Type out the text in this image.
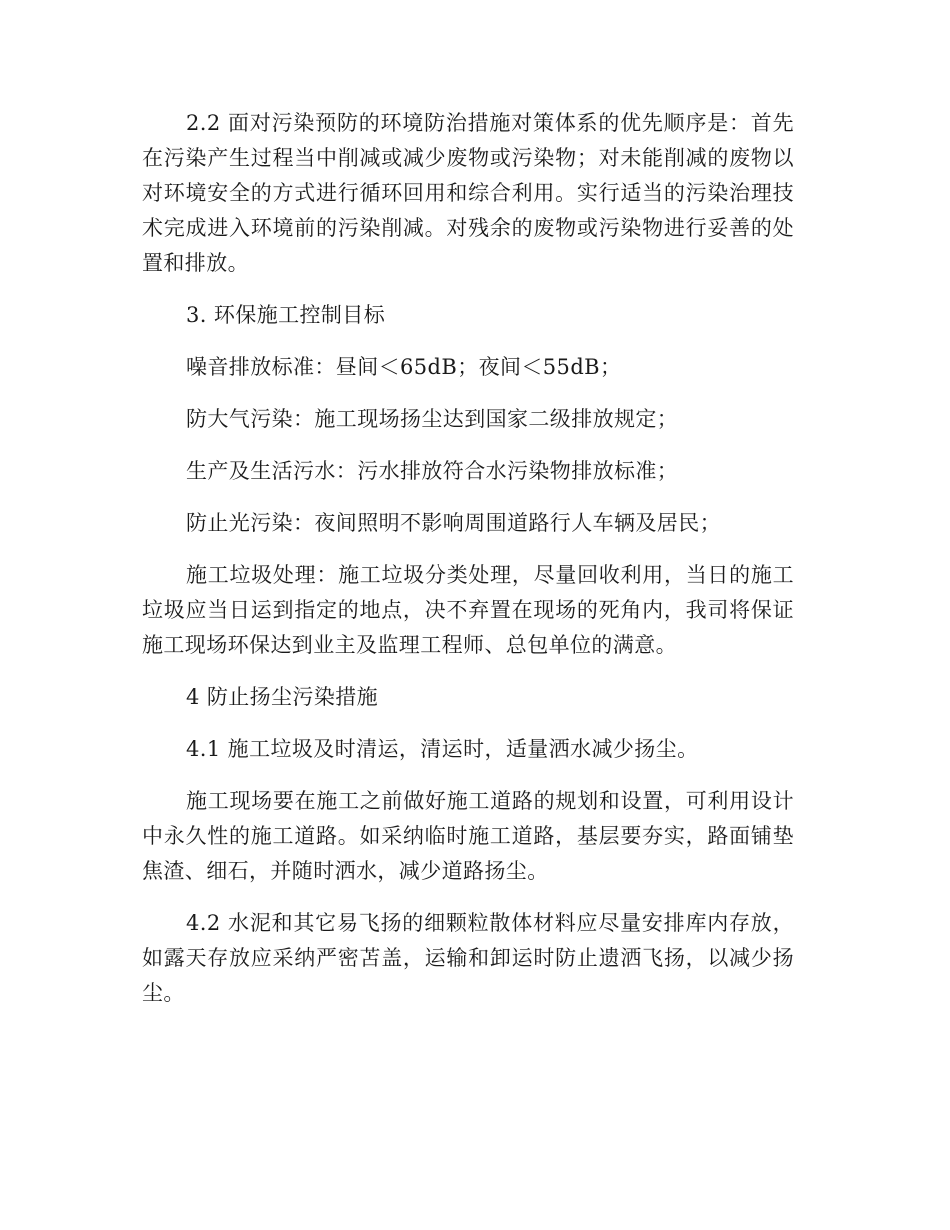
2.2 面对污染预防的环境防治措施对策体系的优先顺序是：首先在污染产生过程当中削减或减少废物或污染物；对未能削减的废物以对环境安全的方式进行循环回用和综合利用。实行适当的污染治理技术完成进入环境前的污染削减。对残余的废物或污染物进行妥善的处置和排放。

3. 环保施工控制目标

噪音排放标准：昼间＜65dB；夜间＜55dB；

防大气污染：施工现场扬尘达到国家二级排放规定；

生产及生活污水：污水排放符合水污染物排放标准；

防止光污染：夜间照明不影响周围道路行人车辆及居民；

施工垃圾处理：施工垃圾分类处理，尽量回收利用，当日的施工垃圾应当日运到指定的地点，决不弃置在现场的死角内，我司将保证施工现场环保达到业主及监理工程师、总包单位的满意。

4 防止扬尘污染措施

4.1 施工垃圾及时清运，清运时，适量洒水减少扬尘。

施工现场要在施工之前做好施工道路的规划和设置，可利用设计中永久性的施工道路。如采纳临时施工道路，基层要夯实，路面铺垫焦渣、细石，并随时洒水，减少道路扬尘。

4.2 水泥和其它易飞扬的细颗粒散体材料应尽量安排库内存放，如露天存放应采纳严密苫盖，运输和卸运时防止遗洒飞扬，以减少扬尘。
